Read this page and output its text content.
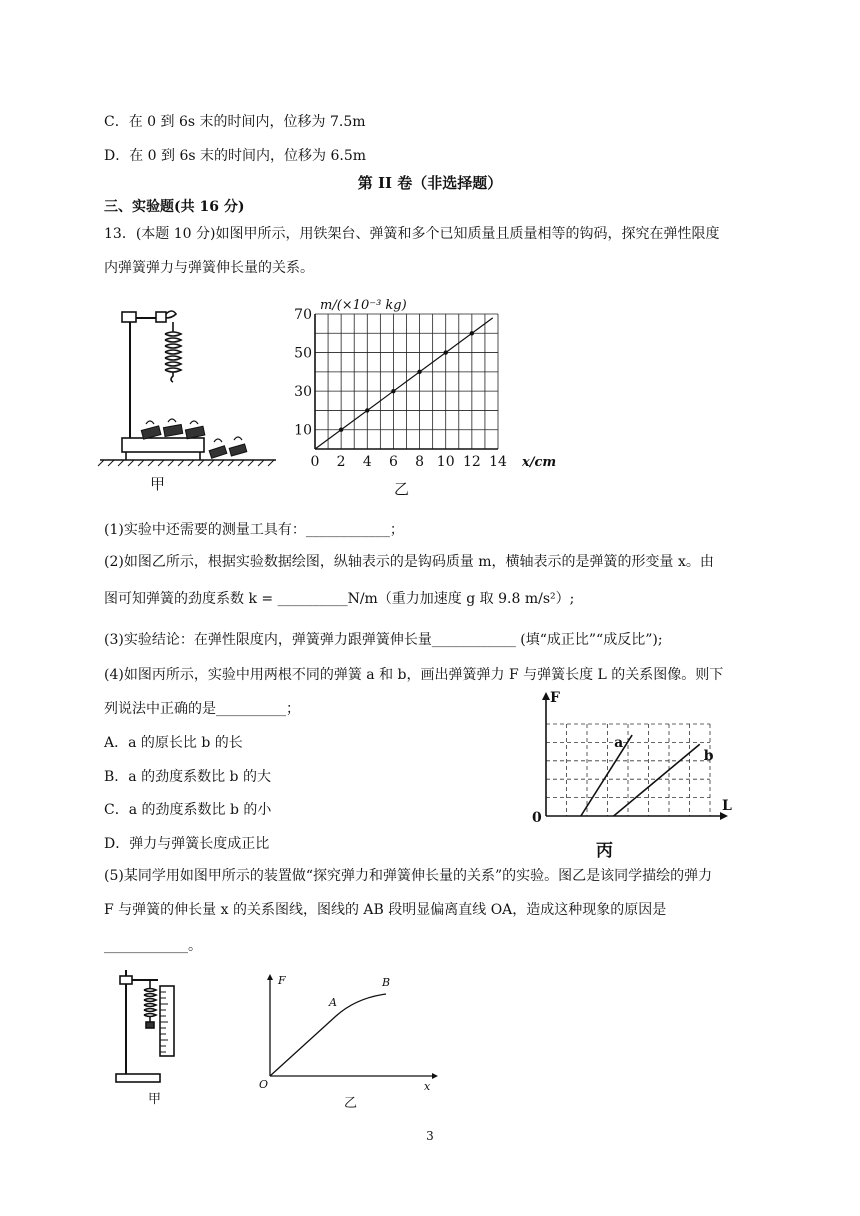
C．在 0 到 6s 末的时间内，位移为 7.5m
D．在 0 到 6s 末的时间内，位移为 6.5m
第 II 卷（非选择题）
三、实验题(共 16 分)
13．(本题 10 分)如图甲所示，用铁架台、弹簧和多个已知质量且质量相等的钩码，探究在弹性限度
内弹簧弹力与弹簧伸长量的关系。
甲
0 2 4 6 8 10 12 14
10
30
50
70
m/(×10⁻³ kg)
x/cm
(1)实验中还需要的测量工具有：____________；
(2)如图乙所示，根据实验数据绘图，纵轴表示的是钩码质量 m，横轴表示的是弹簧的形变量 x。由
图可知弹簧的劲度系数 k = __________N/m（重力加速度 g 取 9.8 m/s²）;
(3)实验结论：在弹性限度内，弹簧弹力跟弹簧伸长量____________ (填“成正比”“成反比”);
(4)如图丙所示，实验中用两根不同的弹簧 a 和 b，画出弹簧弹力 F 与弹簧长度 L 的关系图像。则下
列说法中正确的是__________；
A．a 的原长比 b 的长
B．a 的劲度系数比 b 的大
C．a 的劲度系数比 b 的小
D．弹力与弹簧长度成正比
a
b
F
L
0
丙
(5)某同学用如图甲所示的装置做“探究弹力和弹簧伸长量的关系”的实验。图乙是该同学描绘的弹力
F 与弹簧的伸长量 x 的关系图线，图线的 AB 段明显偏离直线 OA，造成这种现象的原因是
____________。
甲
F
x
O
A
B
乙
3
乙
